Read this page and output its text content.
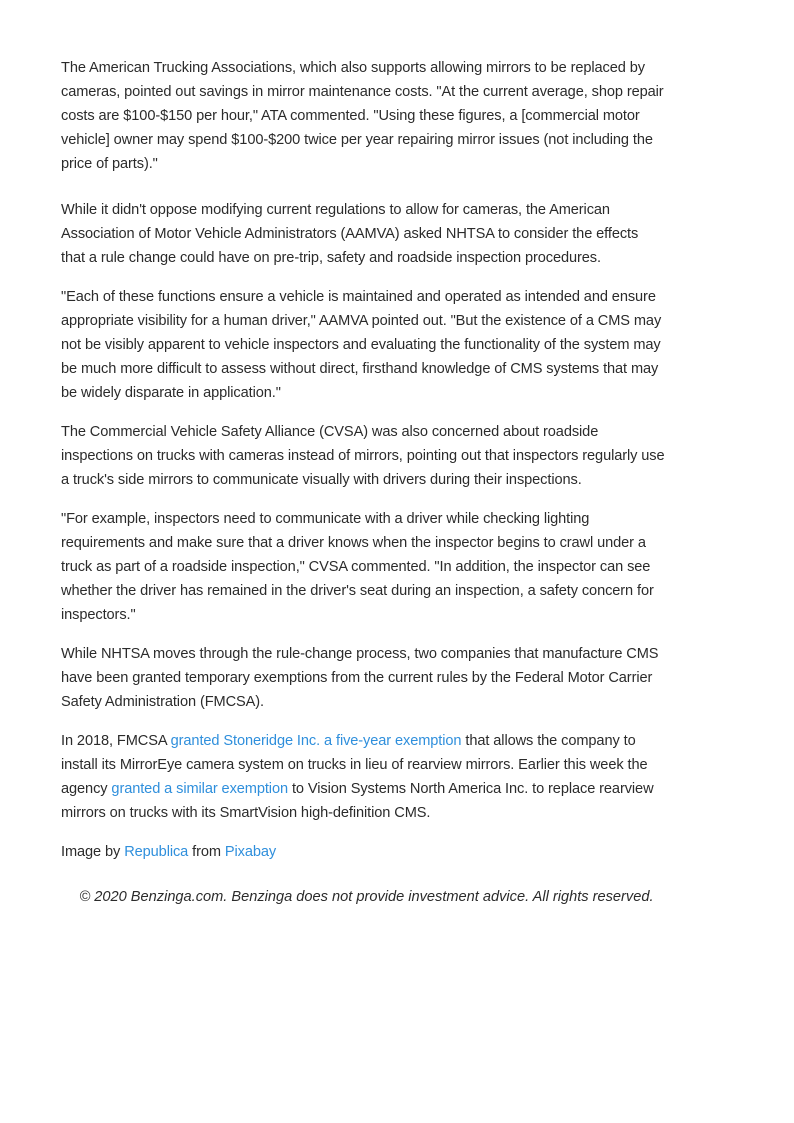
The American Trucking Associations, which also supports allowing mirrors to be replaced by cameras, pointed out savings in mirror maintenance costs. "At the current average, shop repair costs are $100-$150 per hour," ATA commented. "Using these figures, a [commercial motor vehicle] owner may spend $100-$200 twice per year repairing mirror issues (not including the price of parts)."

While it didn't oppose modifying current regulations to allow for cameras, the American Association of Motor Vehicle Administrators (AAMVA) asked NHTSA to consider the effects that a rule change could have on pre-trip, safety and roadside inspection procedures.

"Each of these functions ensure a vehicle is maintained and operated as intended and ensure appropriate visibility for a human driver," AAMVA pointed out. "But the existence of a CMS may not be visibly apparent to vehicle inspectors and evaluating the functionality of the system may be much more difficult to assess without direct, firsthand knowledge of CMS systems that may be widely disparate in application."

The Commercial Vehicle Safety Alliance (CVSA) was also concerned about roadside inspections on trucks with cameras instead of mirrors, pointing out that inspectors regularly use a truck's side mirrors to communicate visually with drivers during their inspections.

"For example, inspectors need to communicate with a driver while checking lighting requirements and make sure that a driver knows when the inspector begins to crawl under a truck as part of a roadside inspection," CVSA commented. "In addition, the inspector can see whether the driver has remained in the driver's seat during an inspection, a safety concern for inspectors."

While NHTSA moves through the rule-change process, two companies that manufacture CMS have been granted temporary exemptions from the current rules by the Federal Motor Carrier Safety Administration (FMCSA).

In 2018, FMCSA granted Stoneridge Inc. a five-year exemption that allows the company to install its MirrorEye camera system on trucks in lieu of rearview mirrors. Earlier this week the agency granted a similar exemption to Vision Systems North America Inc. to replace rearview mirrors on trucks with its SmartVision high-definition CMS.

Image by Republica from Pixabay

© 2020 Benzinga.com. Benzinga does not provide investment advice. All rights reserved.
